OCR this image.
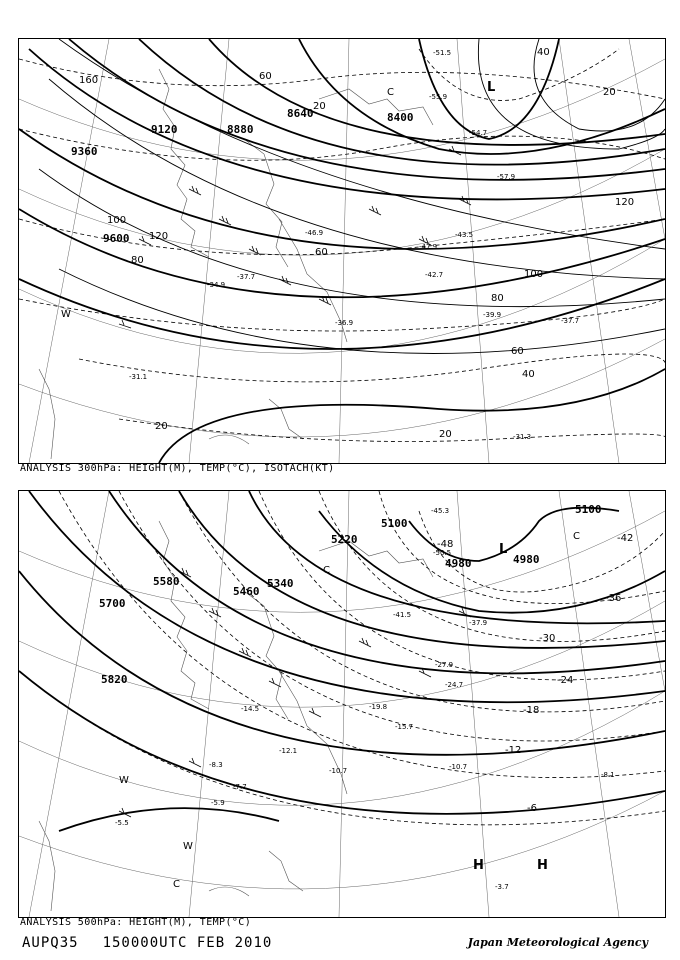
9120	8880
8640	8400
9360
9600
160	60
20
40
20
120
100
120
80
60
100
80
60
40
20
20
-51.5
-55.9
-54.7
-57.9
-43.5
-47.9
-42.7
-46.9
-37.7
-34.9
-39.9
-37.7
-31.1
-31.3
-36.9
L
C
W
ANALYSIS 300hPa: HEIGHT(M), TEMP(°C), ISOTACH(KT)
5100
5220
5100
4980	4980
5580	5340
5460
5700
5820
-48
-42
-36
-30
-24
-18
-12
-6
-45.3
-50.5
-41.5
-37.9
-27.9
-24.7
-19.8
-15.7
-14.5
-12.1
-10.7	-10.7
-8.3
-7.7
-5.9
-5.5
-8.1
-3.7
C
L
C
W
W
C
H	H
ANALYSIS 500hPa: HEIGHT(M), TEMP(°C)
AUPQ35 150000UTC FEB 2010	Japan Meteorological Agency
